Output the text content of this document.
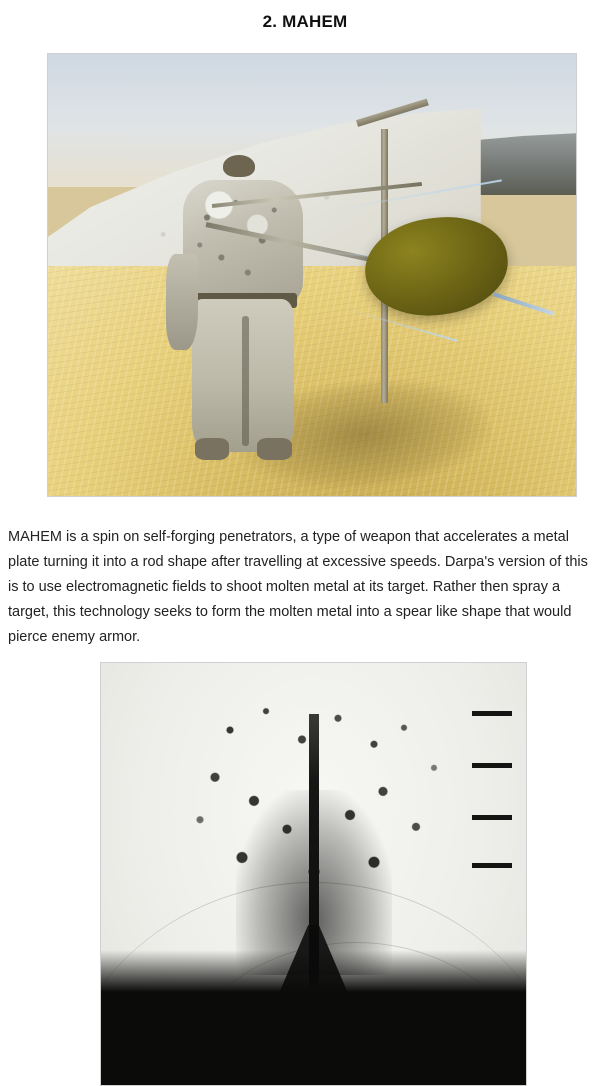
2. MAHEM

MAHEM is a spin on self-forging penetrators, a type of weapon that accelerates a metal plate turning it into a rod shape after travelling at excessive speeds. Darpa's version of this is to use electromagnetic fields to shoot molten metal at its target. Rather then spray a target, this technology seeks to form the molten metal into a spear like shape that would pierce enemy armor.
